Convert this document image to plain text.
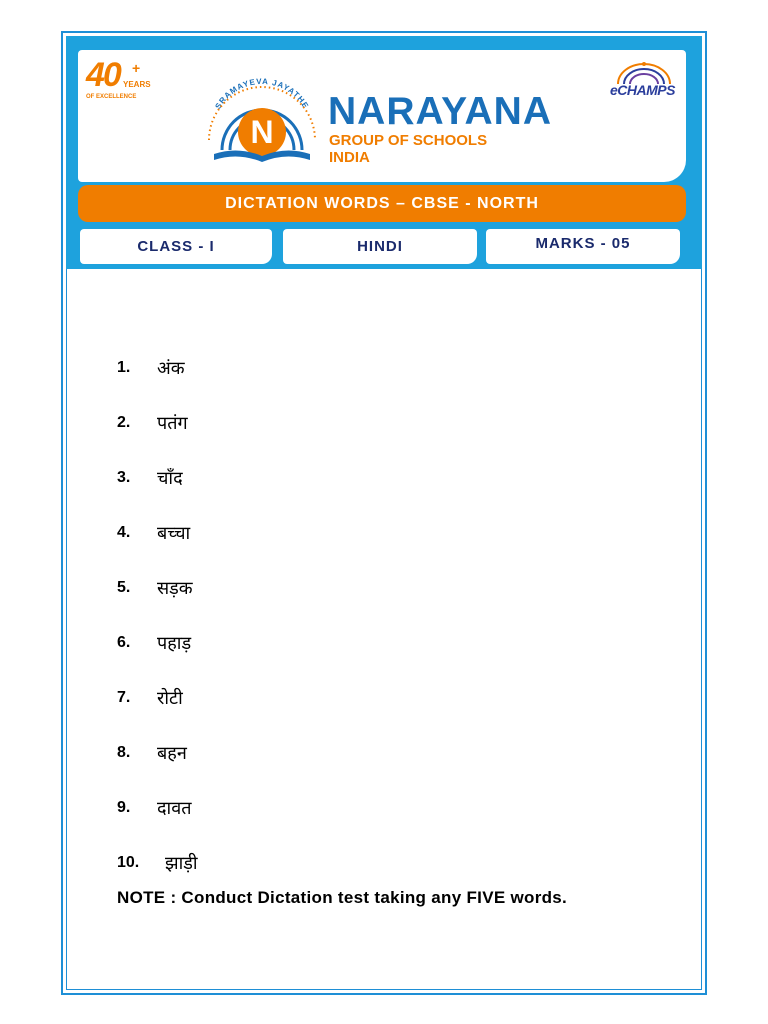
40 +
YEARS
OF EXCELLENCE
SRAMAYEVA JAYATHE
N NARAYANA
GROUP OF SCHOOLS
INDIA
eCHAMPS
DICTATION WORDS – CBSE - NORTH
CLASS - I	HINDI	MARKS - 05
1.	अंक
2.	पतंग
3.	चाँद
4.	बच्चा
5.	सड़क
6.	पहाड़
7.	रोटी
8.	बहन
9.	दावत
10.	झाड़ी
NOTE : Conduct Dictation test taking any FIVE words.
